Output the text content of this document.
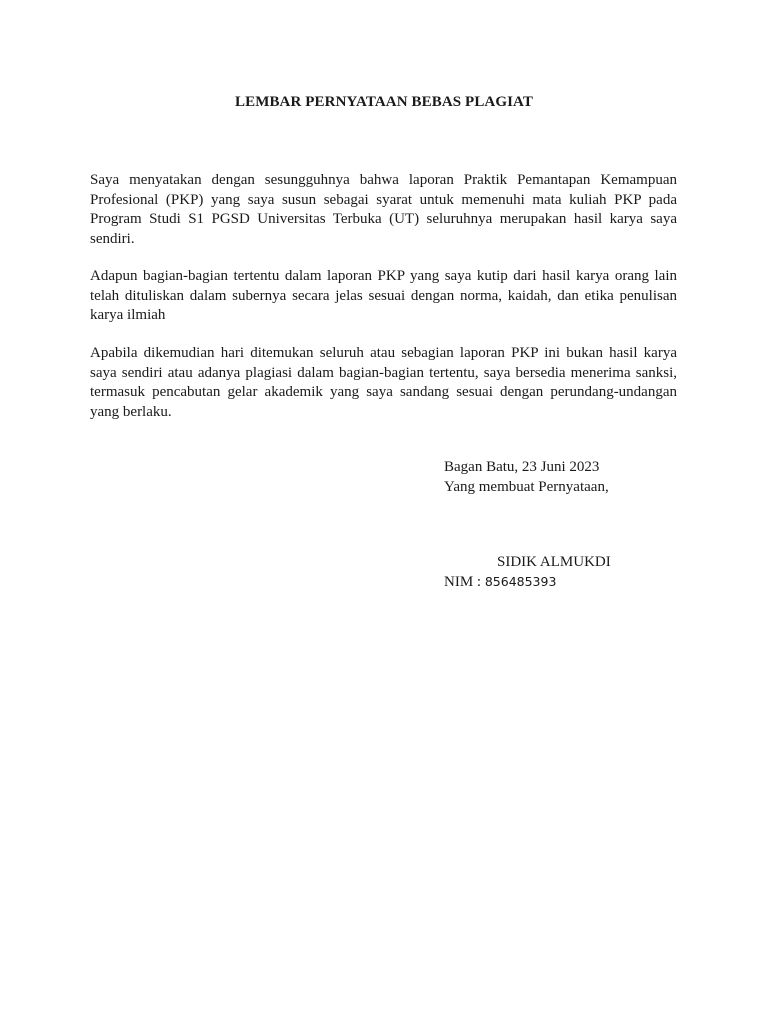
LEMBAR PERNYATAAN BEBAS PLAGIAT
Saya menyatakan dengan sesungguhnya bahwa laporan Praktik Pemantapan Kemampuan Profesional (PKP) yang saya susun sebagai syarat untuk memenuhi mata kuliah PKP pada Program Studi S1 PGSD Universitas Terbuka (UT) seluruhnya merupakan hasil karya saya sendiri.
Adapun bagian-bagian tertentu dalam laporan PKP yang saya kutip dari hasil karya orang lain telah dituliskan dalam subernya secara jelas sesuai dengan norma, kaidah, dan etika penulisan karya ilmiah
Apabila dikemudian hari ditemukan seluruh atau sebagian laporan PKP ini bukan hasil karya saya sendiri atau adanya plagiasi dalam bagian-bagian tertentu, saya bersedia menerima sanksi, termasuk pencabutan gelar akademik yang saya sandang sesuai dengan perundang-undangan yang berlaku.
Bagan Batu, 23 Juni 2023
Yang membuat Pernyataan,
SIDIK ALMUKDI
NIM : 856485393
